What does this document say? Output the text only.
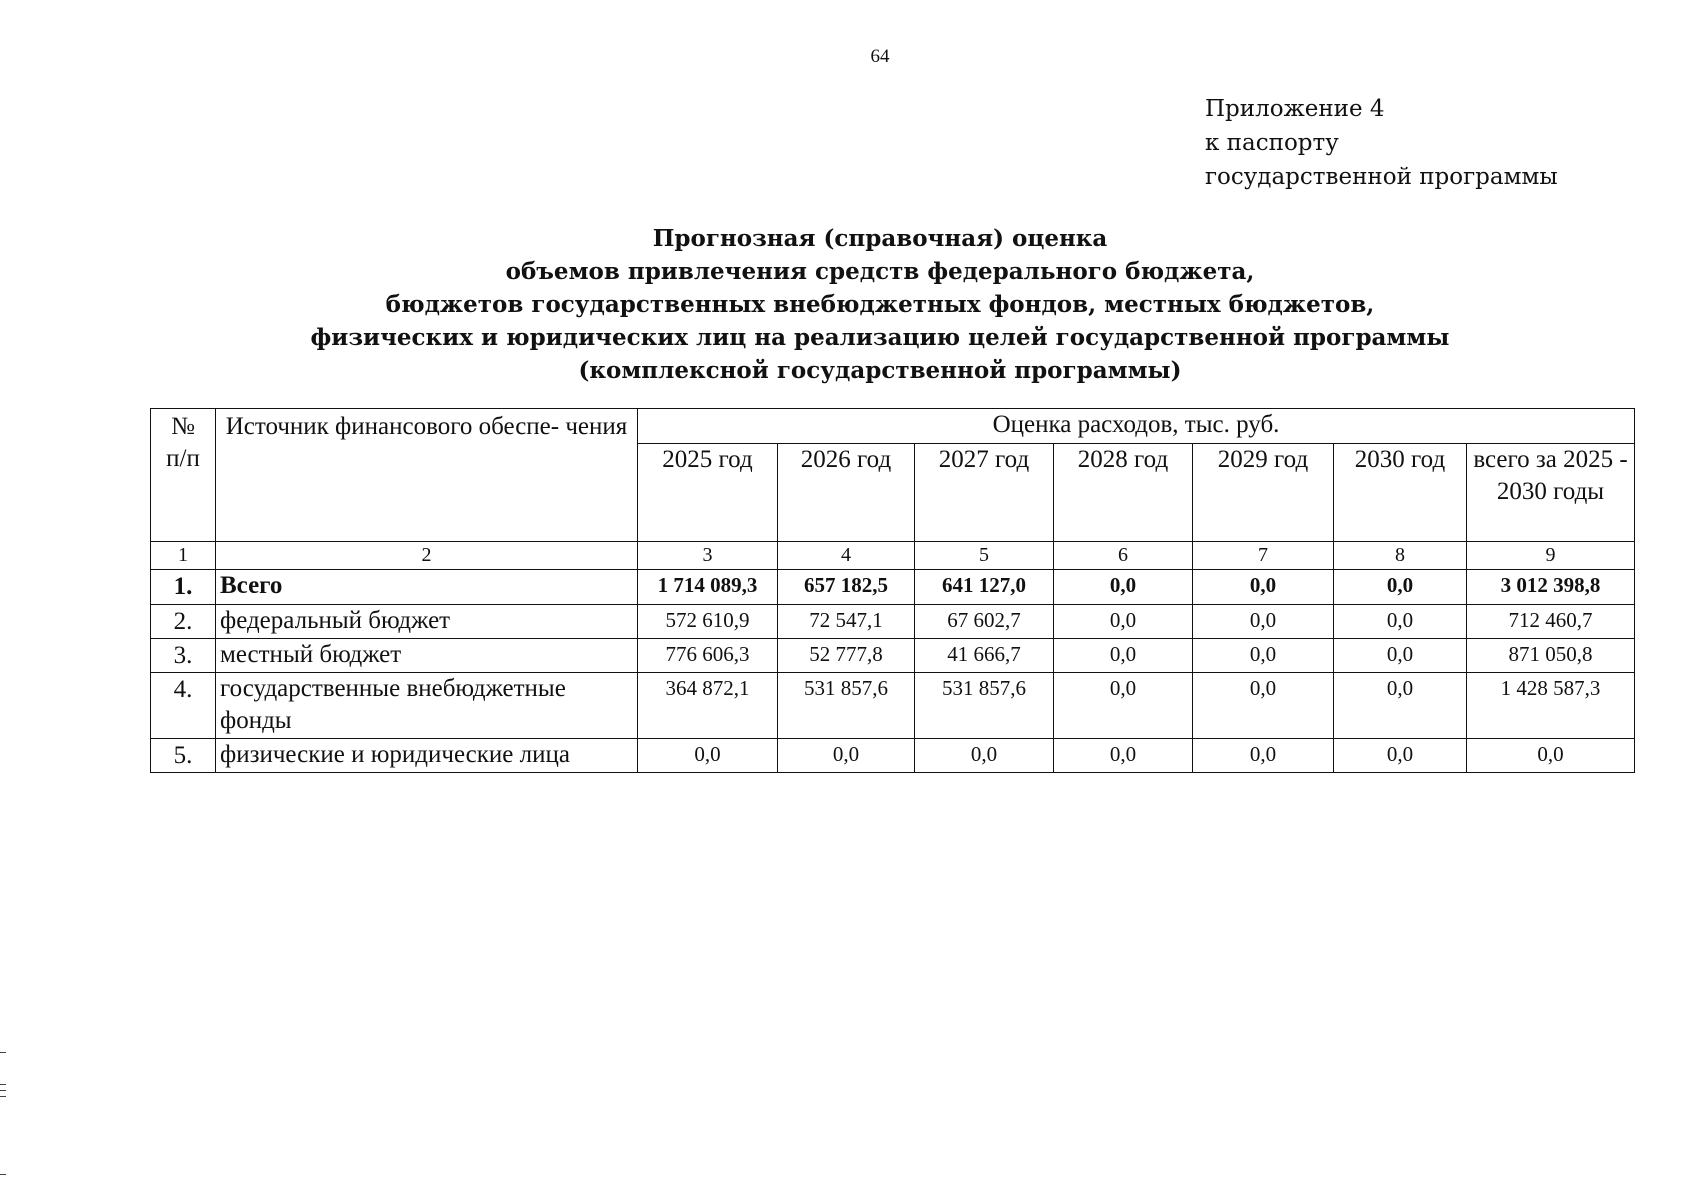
64
Приложение 4
к паспорту
государственной программы
Прогнозная (справочная) оценка
объемов привлечения средств федерального бюджета,
бюджетов государственных внебюджетных фондов, местных бюджетов,
физических и юридических лиц на реализацию целей государственной программы
(комплексной государственной программы)
№ п/п	Источник финансового обеспе- чения	Оценка расходов, тыс. руб.						
		2025 год	2026 год	2027 год	2028 год	2029 год	2030 год	всего за 2025 - 2030 годы
1	2	3	4	5	6	7	8	9
1.	Всего	1 714 089,3	657 182,5	641 127,0	0,0	0,0	0,0	3 012 398,8
2.	федеральный бюджет	572 610,9	72 547,1	67 602,7	0,0	0,0	0,0	712 460,7
3.	местный бюджет	776 606,3	52 777,8	41 666,7	0,0	0,0	0,0	871 050,8
4.	государственные внебюджетные фонды	364 872,1	531 857,6	531 857,6	0,0	0,0	0,0	1 428 587,3
5.	физические и юридические лица	0,0	0,0	0,0	0,0	0,0	0,0	0,0
